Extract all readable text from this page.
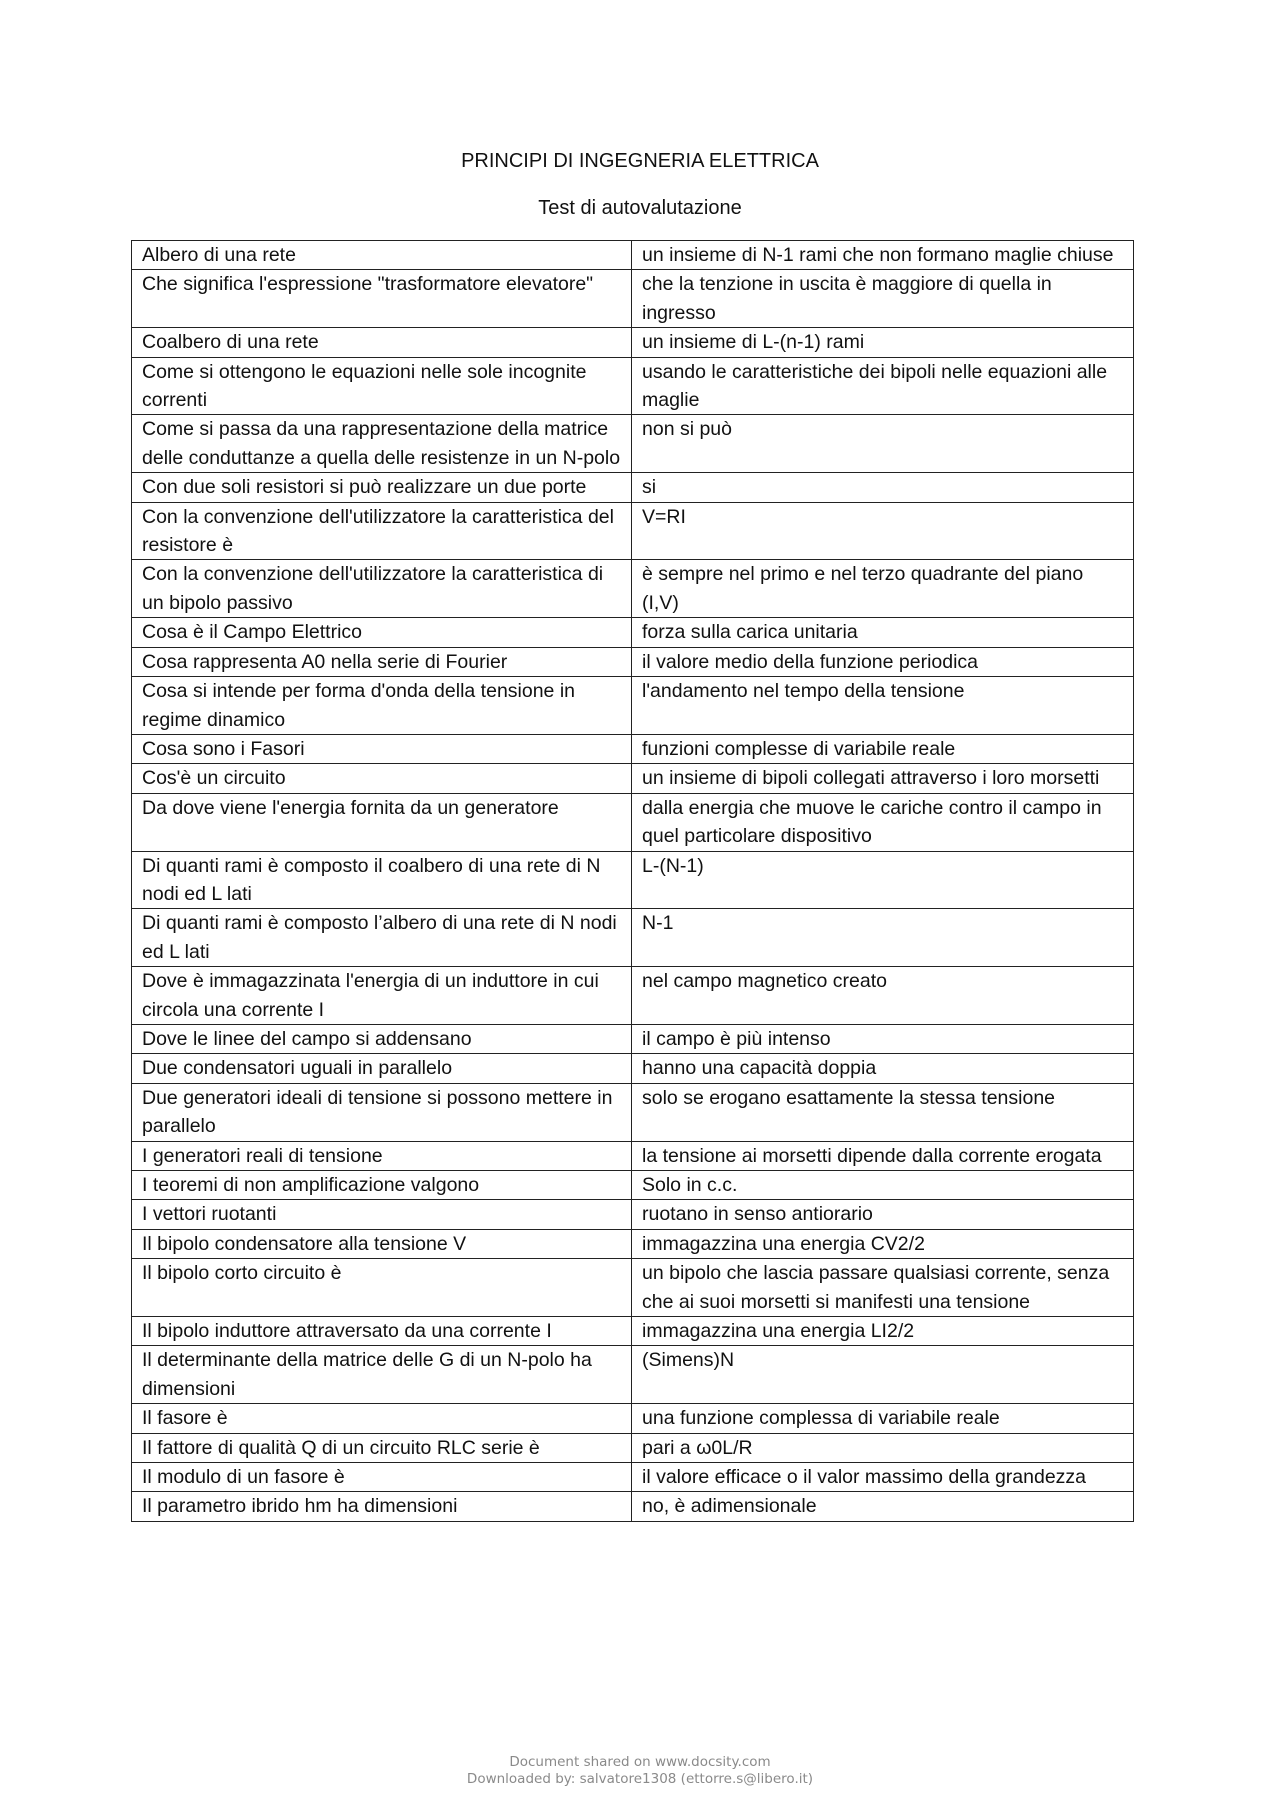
PRINCIPI DI INGEGNERIA ELETTRICA
Test di autovalutazione
Albero di una rete	un insieme di N-1 rami che non formano maglie chiuse
Che significa l'espressione "trasformatore elevatore"	che la tenzione in uscita è maggiore di quella in ingresso
Coalbero di una rete	un insieme di L-(n-1) rami
Come si ottengono le equazioni nelle sole incognite correnti	usando le caratteristiche dei bipoli nelle equazioni alle maglie
Come si passa da una rappresentazione della matrice delle conduttanze a quella delle resistenze in un N-polo	non si può
Con due soli resistori si può realizzare un due porte	si
Con la convenzione dell'utilizzatore la caratteristica del resistore è	V=RI
Con la convenzione dell'utilizzatore la caratteristica di un bipolo passivo	è sempre nel primo e nel terzo quadrante del piano (I,V)
Cosa è il Campo Elettrico	forza sulla carica unitaria
Cosa rappresenta A0 nella serie di Fourier	il valore medio della funzione periodica
Cosa si intende per forma d'onda della tensione in regime dinamico	l'andamento nel tempo della tensione
Cosa sono i Fasori	funzioni complesse di variabile reale
Cos'è un circuito	un insieme di bipoli collegati attraverso i loro morsetti
Da dove viene l'energia fornita da un generatore	dalla energia che muove le cariche contro il campo in quel particolare dispositivo
Di quanti rami è composto il coalbero di una rete di N nodi ed L lati	L-(N-1)
Di quanti rami è composto l’albero di una rete di N nodi ed L lati	N-1
Dove è immagazzinata l'energia di un induttore in cui circola una corrente I	nel campo magnetico creato
Dove le linee del campo si addensano	il campo è più intenso
Due condensatori uguali in parallelo	hanno una capacità doppia
Due generatori ideali di tensione si possono mettere in parallelo	solo se erogano esattamente la stessa tensione
I generatori reali di tensione	la tensione ai morsetti dipende dalla corrente erogata
I teoremi di non amplificazione valgono	Solo in c.c.
I vettori ruotanti	ruotano in senso antiorario
Il bipolo condensatore alla tensione V	immagazzina una energia CV2/2
Il bipolo corto circuito è	un bipolo che lascia passare qualsiasi corrente, senza che ai suoi morsetti si manifesti una tensione
Il bipolo induttore attraversato da una corrente I	immagazzina una energia LI2/2
Il determinante della matrice delle G di un N-polo ha dimensioni	(Simens)N
Il fasore è	una funzione complessa di variabile reale
Il fattore di qualità Q di un circuito RLC serie è	pari a ω0L/R
Il modulo di un fasore è	il valore efficace o il valor massimo della grandezza
Il parametro ibrido hm ha dimensioni	no, è adimensionale
Document shared on www.docsity.com
Downloaded by: salvatore1308 (ettorre.s@libero.it)
